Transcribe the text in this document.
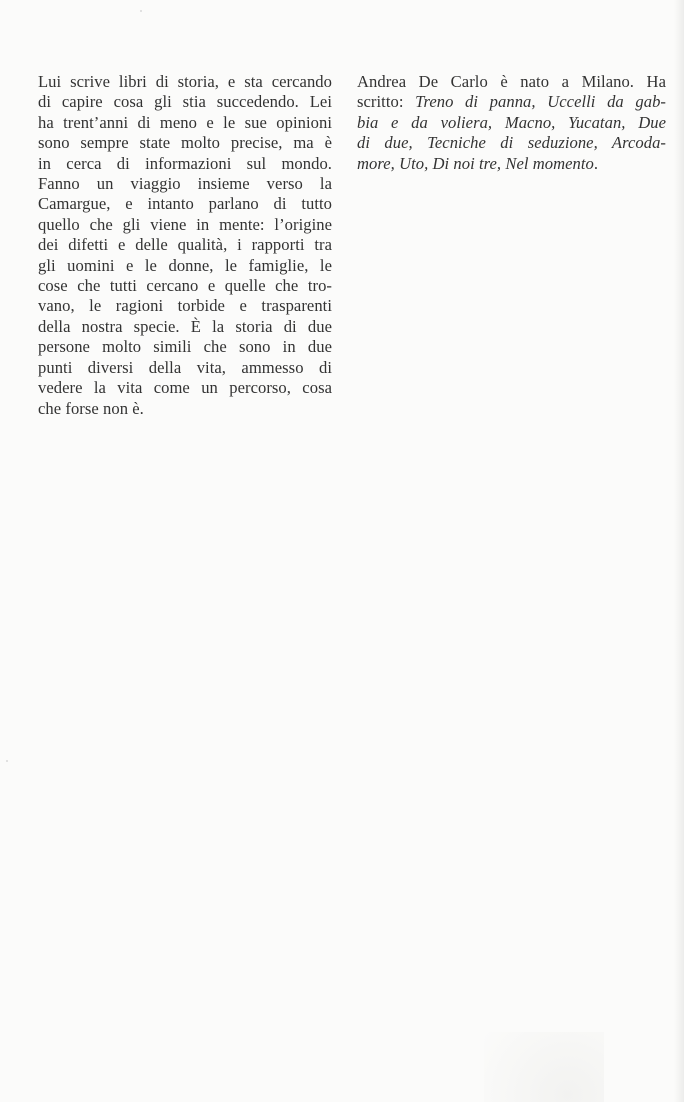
Lui scrive libri di storia, e sta cercando
di capire cosa gli stia succedendo. Lei
ha trent’anni di meno e le sue opinioni
sono sempre state molto precise, ma è
in cerca di informazioni sul mondo.
Fanno un viaggio insieme verso la
Camargue, e intanto parlano di tutto
quello che gli viene in mente: l’origine
dei difetti e delle qualità, i rapporti tra
gli uomini e le donne, le famiglie, le
cose che tutti cercano e quelle che tro-
vano, le ragioni torbide e trasparenti
della nostra specie. È la storia di due
persone molto simili che sono in due
punti diversi della vita, ammesso di
vedere la vita come un percorso, cosa
che forse non è.
Andrea De Carlo è nato a Milano. Ha
scritto: Treno di panna, Uccelli da gab-
bia e da voliera, Macno, Yucatan, Due
di due, Tecniche di seduzione, Arcoda-
more, Uto, Di noi tre, Nel momento.
